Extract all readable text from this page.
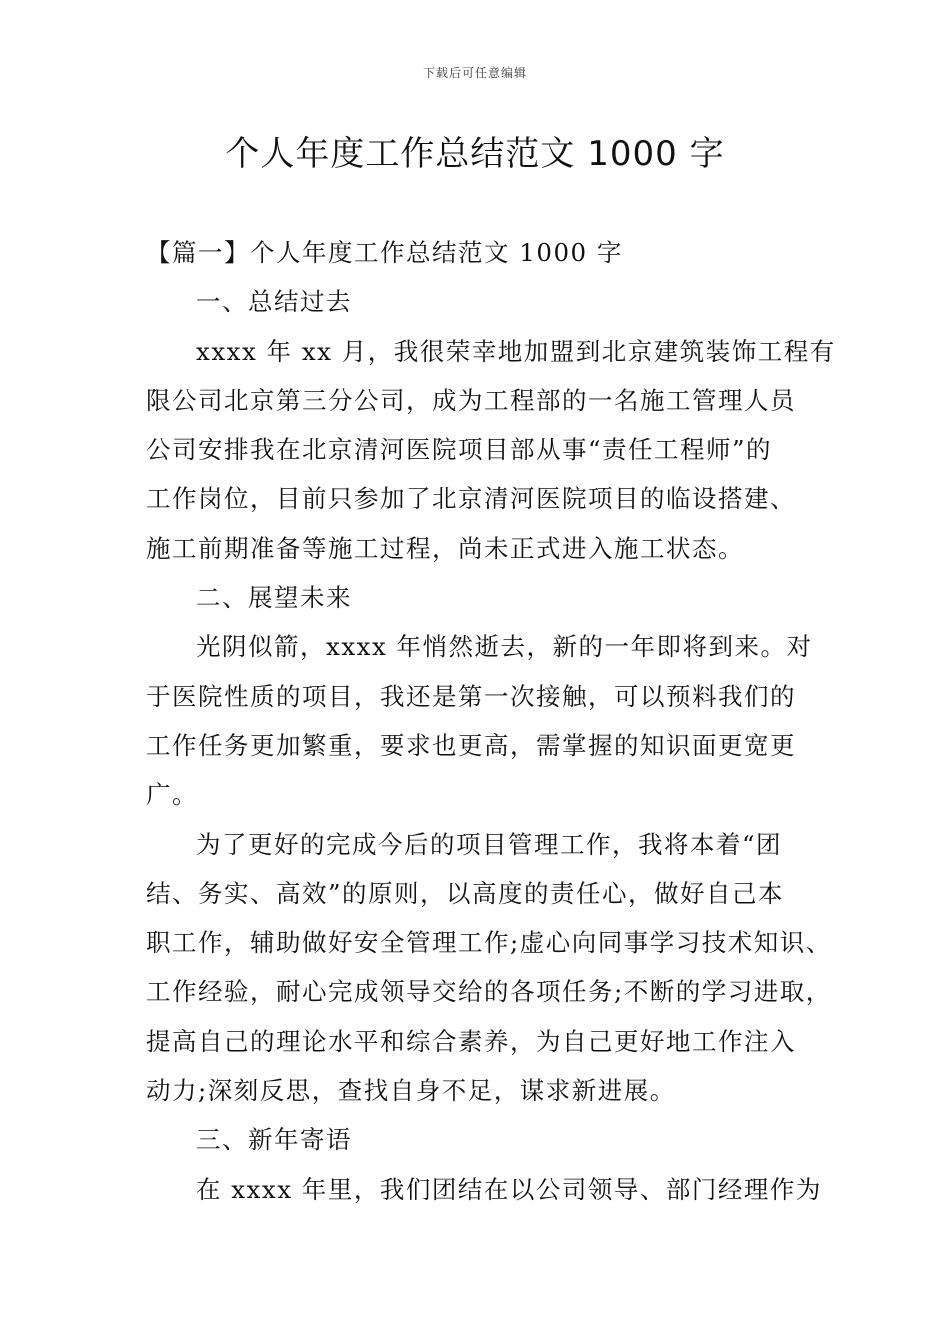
下载后可任意编辑
个人年度工作总结范文 1000 字
【篇一】个人年度工作总结范文 1000 字
一、总结过去
xxxx 年 xx 月，我很荣幸地加盟到北京建筑装饰工程有
限公司北京第三分公司，成为工程部的一名施工管理人员
公司安排我在北京清河医院项目部从事“责任工程师”的
工作岗位，目前只参加了北京清河医院项目的临设搭建、
施工前期准备等施工过程，尚未正式进入施工状态。
二、展望未来
光阴似箭，xxxx 年悄然逝去，新的一年即将到来。对
于医院性质的项目，我还是第一次接触，可以预料我们的
工作任务更加繁重，要求也更高，需掌握的知识面更宽更
广。
为了更好的完成今后的项目管理工作，我将本着“团
结、务实、高效”的原则，以高度的责任心，做好自己本
职工作，辅助做好安全管理工作;虚心向同事学习技术知识、
工作经验，耐心完成领导交给的各项任务;不断的学习进取，
提高自己的理论水平和综合素养，为自己更好地工作注入
动力;深刻反思，查找自身不足，谋求新进展。
三、新年寄语
在 xxxx 年里，我们团结在以公司领导、部门经理作为
